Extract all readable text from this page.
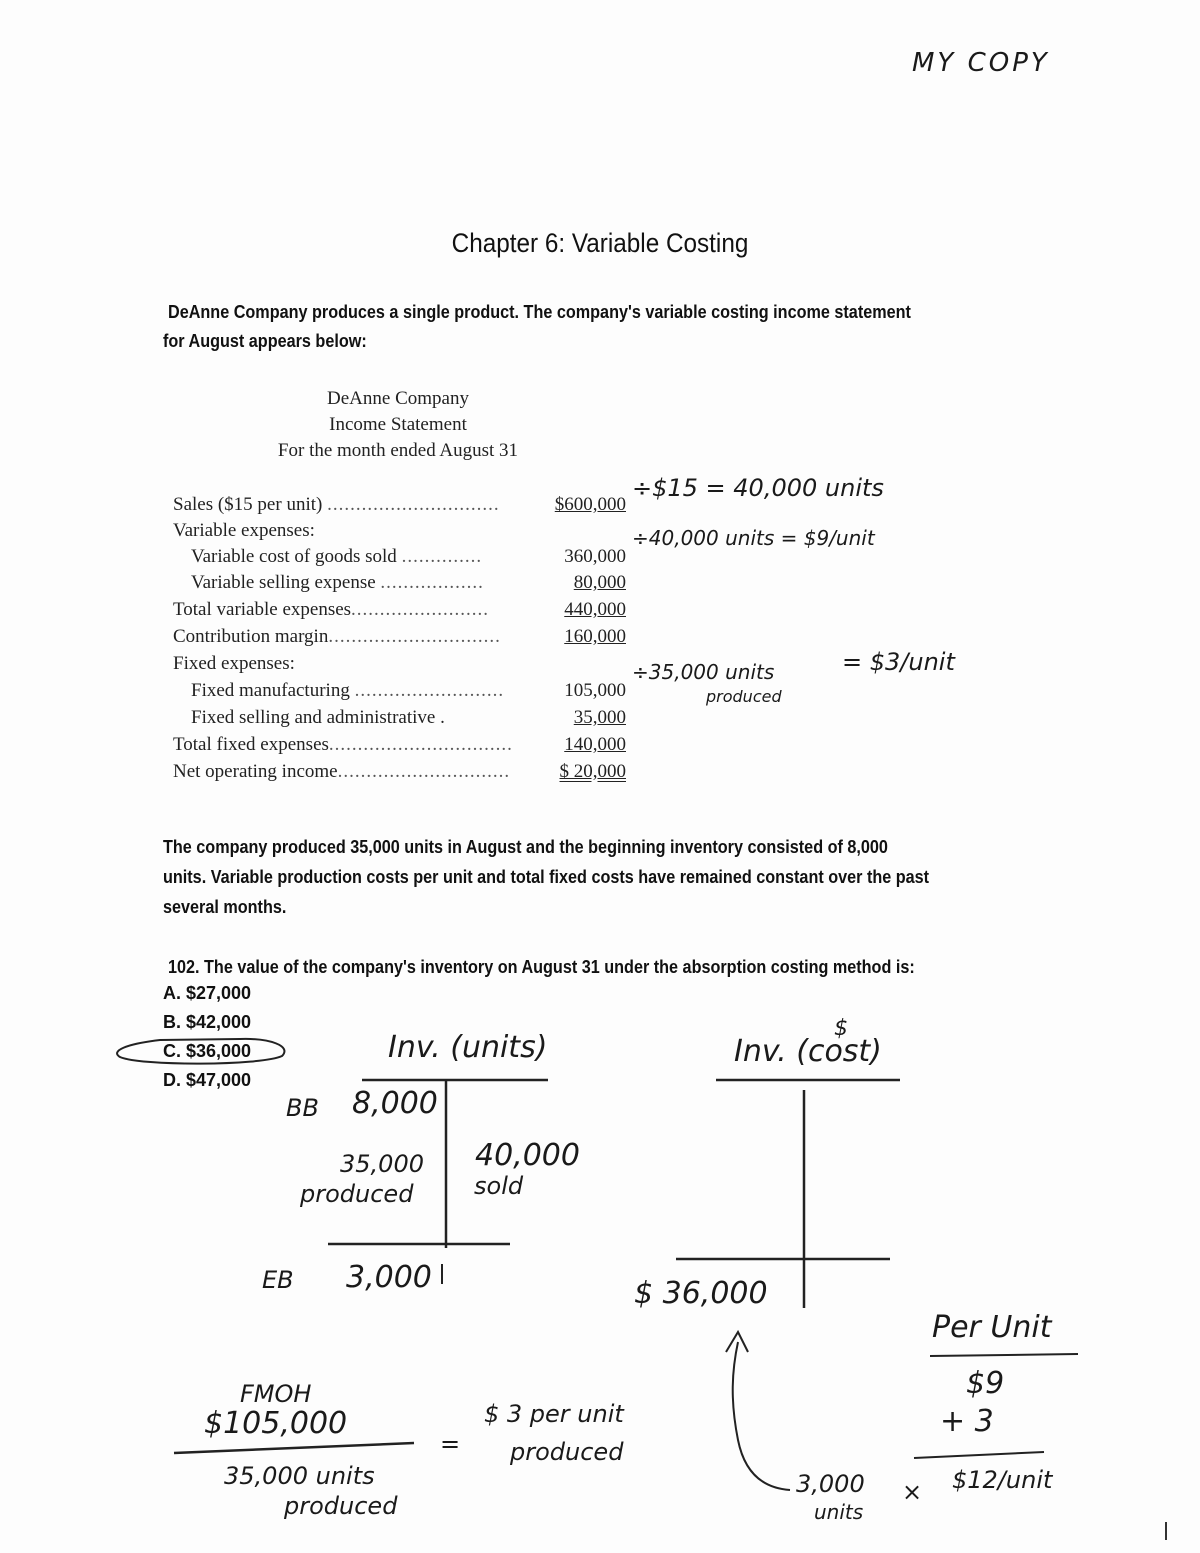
MY COPY
Chapter 6: Variable Costing
DeAnne Company produces a single product. The company's variable costing income statement
for August appears below:
DeAnne Company
Income Statement
For the month ended August 31
Sales ($15 per unit) ..............................	$600,000
Variable expenses:
Variable cost of goods sold ..............	360,000
Variable selling expense ..................	80,000
Total variable expenses........................	440,000
Contribution margin..............................	160,000
Fixed expenses:
Fixed manufacturing ..........................	105,000
Fixed selling and administrative .	35,000
Total fixed expenses................................	140,000
Net operating income..............................	$ 20,000
÷$15 = 40,000 units
÷40,000 units = $9/unit
÷35,000 units
produced
= $3/unit
The company produced 35,000 units in August and the beginning inventory consisted of 8,000
units. Variable production costs per unit and total fixed costs have remained constant over the past
several months.
102. The value of the company's inventory on August 31 under the absorption costing method is:
A. $27,000
B. $42,000
C. $36,000
D. $47,000
Inv. (units)
BB 8,000
35,000
produced
40,000
sold
EB 3,000
$
Inv. (cost)
$ 36,000
FMOH
$105,000
35,000 units
produced
=
$ 3 per unit
produced
Per Unit
$9
+ 3
$12/unit
3,000
units
×
